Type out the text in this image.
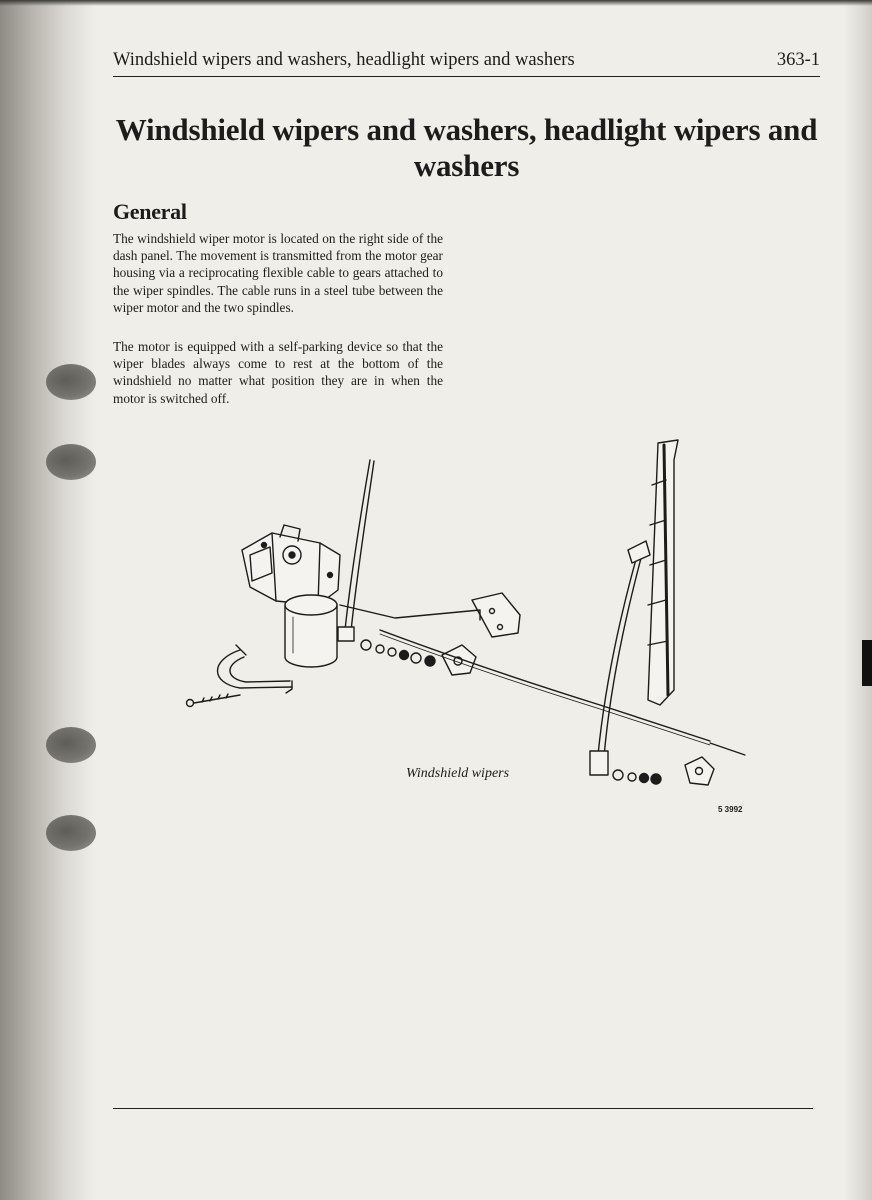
Windshield wipers and washers, headlight wipers and washers	363-1
Windshield wipers and washers, headlight wipers and washers
General

The windshield wiper motor is located on the right side of the dash panel. The movement is transmitted from the motor gear housing via a reciprocating flexible cable to gears attached to the wiper spindles. The cable runs in a steel tube between the wiper motor and the two spindles.

The motor is equipped with a self-parking device so that the wiper blades always come to rest at the bottom of the windshield no matter what position they are in when the motor is switched off.

Windshield wipers

5 3992
